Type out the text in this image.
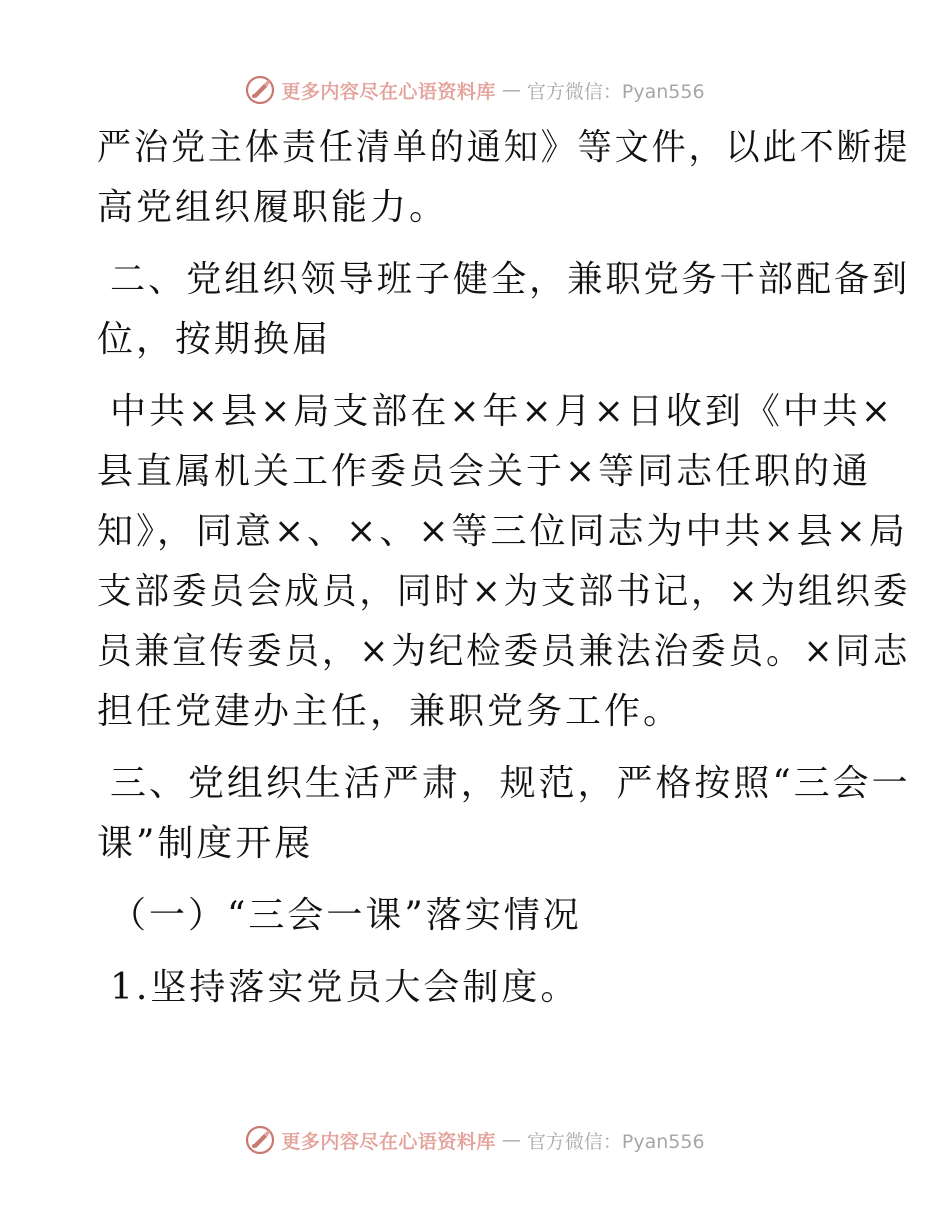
更多内容尽在心语资料库 — 官方微信：Pyan556
严治党主体责任清单的通知》等文件，以此不断提
高党组织履职能力。
二、党组织领导班子健全，兼职党务干部配备到
位，按期换届
中共×县×局支部在×年×月×日收到《中共×
县直属机关工作委员会关于×等同志任职的通
知》，同意×、×、×等三位同志为中共×县×局
支部委员会成员，同时×为支部书记，×为组织委
员兼宣传委员，×为纪检委员兼法治委员。×同志
担任党建办主任，兼职党务工作。
三、党组织生活严肃，规范，严格按照“三会一
课”制度开展
（一）“三会一课”落实情况
1.坚持落实党员大会制度。
更多内容尽在心语资料库 — 官方微信：Pyan556
